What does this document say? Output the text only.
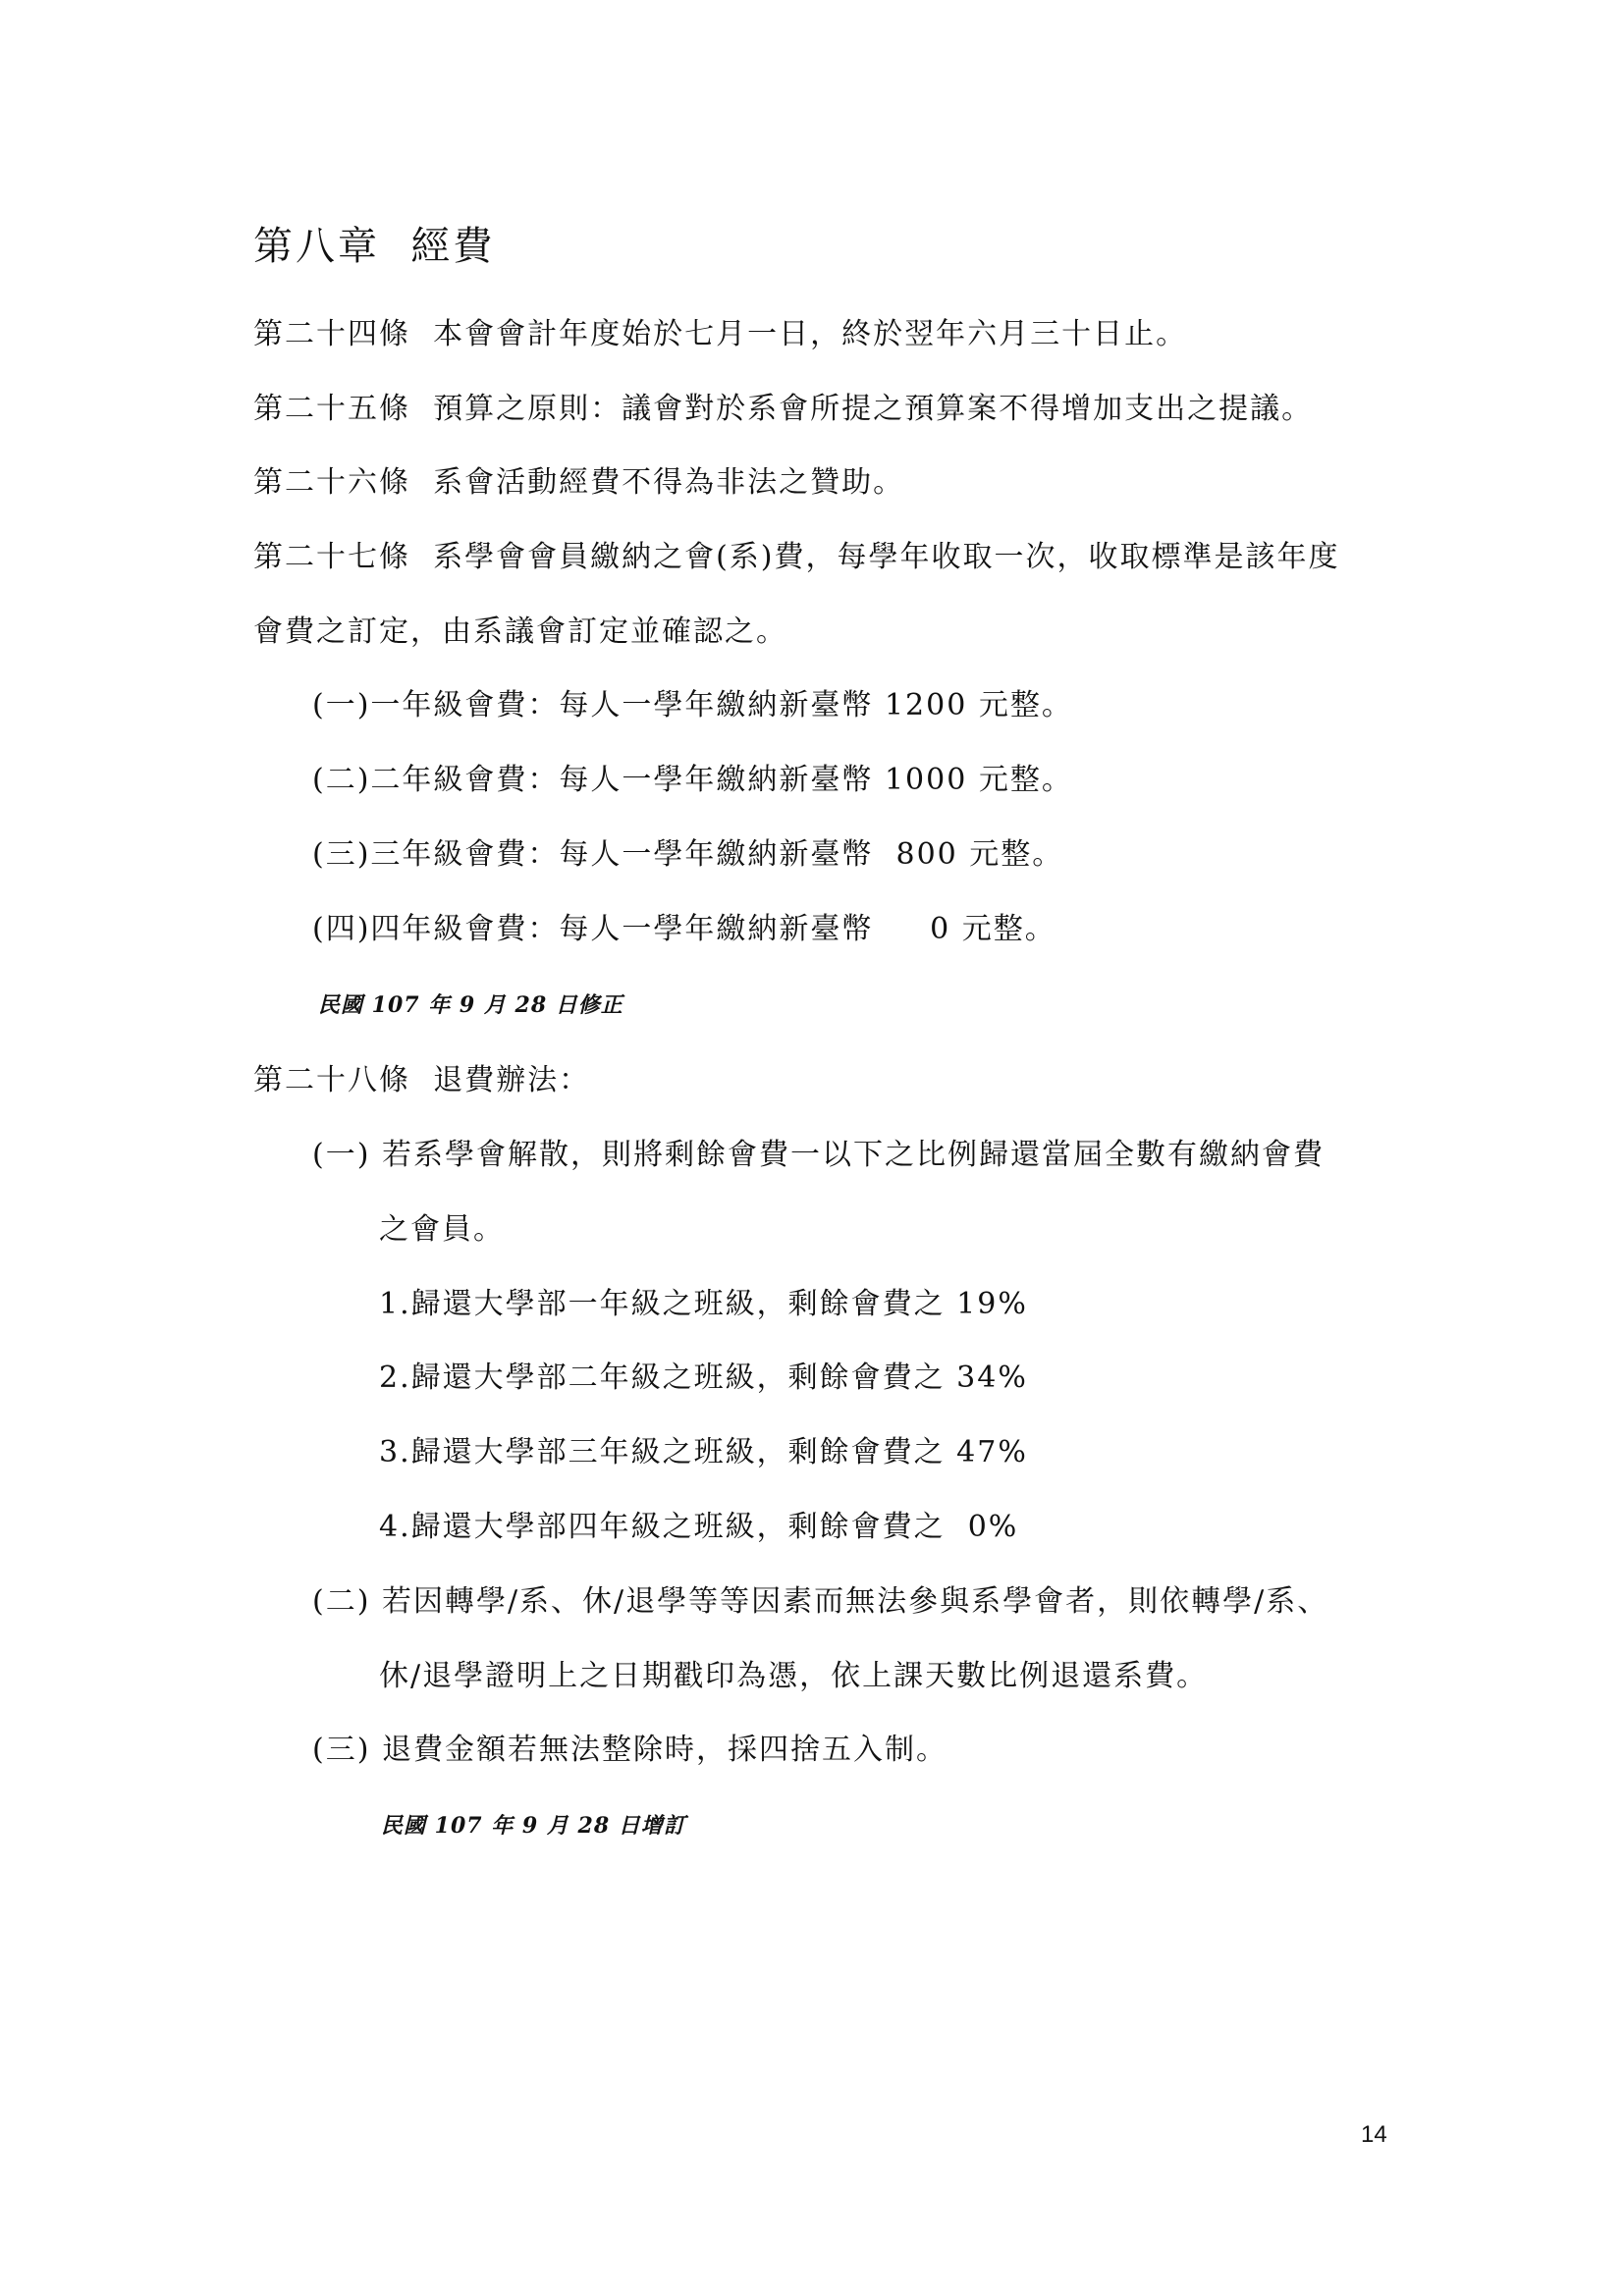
第八章  經費
第二十四條  本會會計年度始於七月一日，終於翌年六月三十日止。
第二十五條  預算之原則：議會對於系會所提之預算案不得增加支出之提議。
第二十六條  系會活動經費不得為非法之贊助。
第二十七條  系學會會員繳納之會(系)費，每學年收取一次，收取標準是該年度
會費之訂定，由系議會訂定並確認之。
(一)一年級會費：每人一學年繳納新臺幣 1200 元整。
(二)二年級會費：每人一學年繳納新臺幣 1000 元整。
(三)三年級會費：每人一學年繳納新臺幣  800 元整。
(四)四年級會費：每人一學年繳納新臺幣     0 元整。
民國 107 年 9 月 28 日修正
第二十八條  退費辦法：
(一) 若系學會解散，則將剩餘會費一以下之比例歸還當屆全數有繳納會費
之會員。
1.歸還大學部一年級之班級，剩餘會費之 19%
2.歸還大學部二年級之班級，剩餘會費之 34%
3.歸還大學部三年級之班級，剩餘會費之 47%
4.歸還大學部四年級之班級，剩餘會費之  0%
(二) 若因轉學/系、休/退學等等因素而無法參與系學會者，則依轉學/系、
休/退學證明上之日期戳印為憑，依上課天數比例退還系費。
(三) 退費金額若無法整除時，採四捨五入制。
民國 107 年 9 月 28 日增訂
14
